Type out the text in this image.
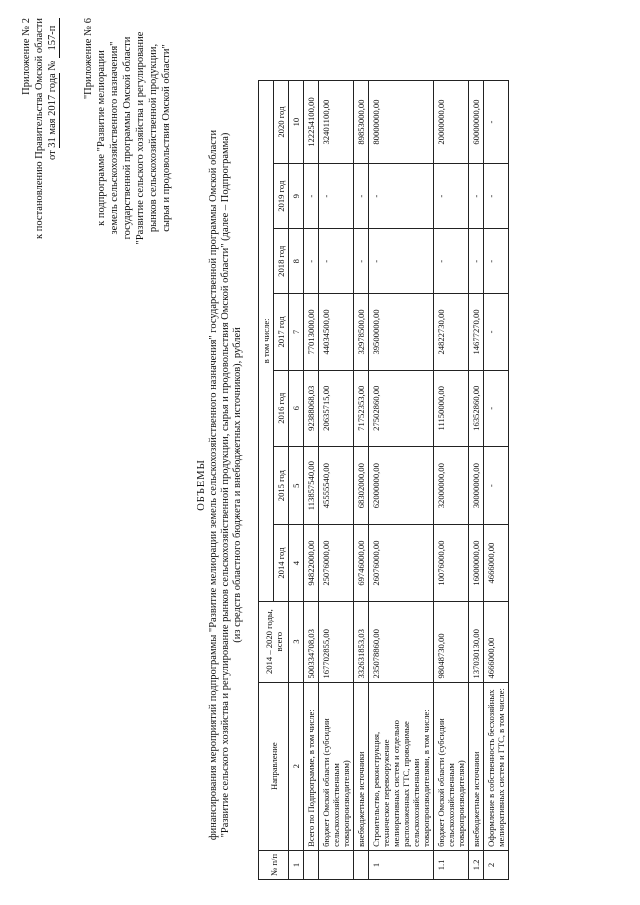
Приложение № 2 к постановлению Правительства Омской области от 31 мая 2017 года № 157-п "Приложение № 6 к подпрограмме "Развитие мелиорации земель сельскохозяйственного назначения" государственной программы Омской области "Развитие сельского хозяйства и регулирование рынков сельскохозяйственной продукции, сырья и продовольствия Омской области"
ОБЪЕМЫ финансирования мероприятий подпрограммы "Развитие мелиорации земель сельскохозяйственного назначения" государственной программы Омской области "Развитие сельского хозяйства и регулирование рынков сельскохозяйственной продукции, сырья и продовольствия Омской области" (далее – Подпрограмма) (из средств областного бюджета и внебюджетных источников), рублей
№ п/п	Направление	2014 – 2020 годы, всего	в том числе:						
			2014 год	2015 год	2016 год	2017 год	2018 год	2019 год	2020 год
1	2	3	4	5	6	7	8	9	10
	Всего по Подпрограмме, в том числе:	500334708,03	94822000,00	113857540,00	92388068,03	77013000,00	-	-	122254100,00
	бюджет Омской области (субсидии сельскохозяйственным товаропроизводителям)	167702855,00	25076000,00	45555540,00	20635715,00	44034500,00	-	-	32401100,00
	внебюджетные источники	332631853,03	69746000,00	68302000,00	71752353,00	32978500,00	-	-	89853000,00
1	Строительство, реконструкция, техническое перевооружение мелиоративных систем и отдельно расположенных ГТС, проводимые сельскохозяйственными товаропроизводителями, в том числе:	235078860,00	26076000,00	62000000,00	27502860,00	39500000,00	-	-	80000000,00
1.1	бюджет Омской области (субсидии сельскохозяйственным товаропроизводителям)	98048730,00	10076000,00	32000000,00	11150000,00	24822730,00	-	-	20000000,00
1.2	внебюджетные источники	137030130,00	16000000,00	30000000,00	16352860,00	14677270,00	-	-	60000000,00
2	Оформление в собственность бесхозяйных мелиоративных систем и ГТС, в том числе:	4666000,00	4666000,00	-	-	-	-	-	-
